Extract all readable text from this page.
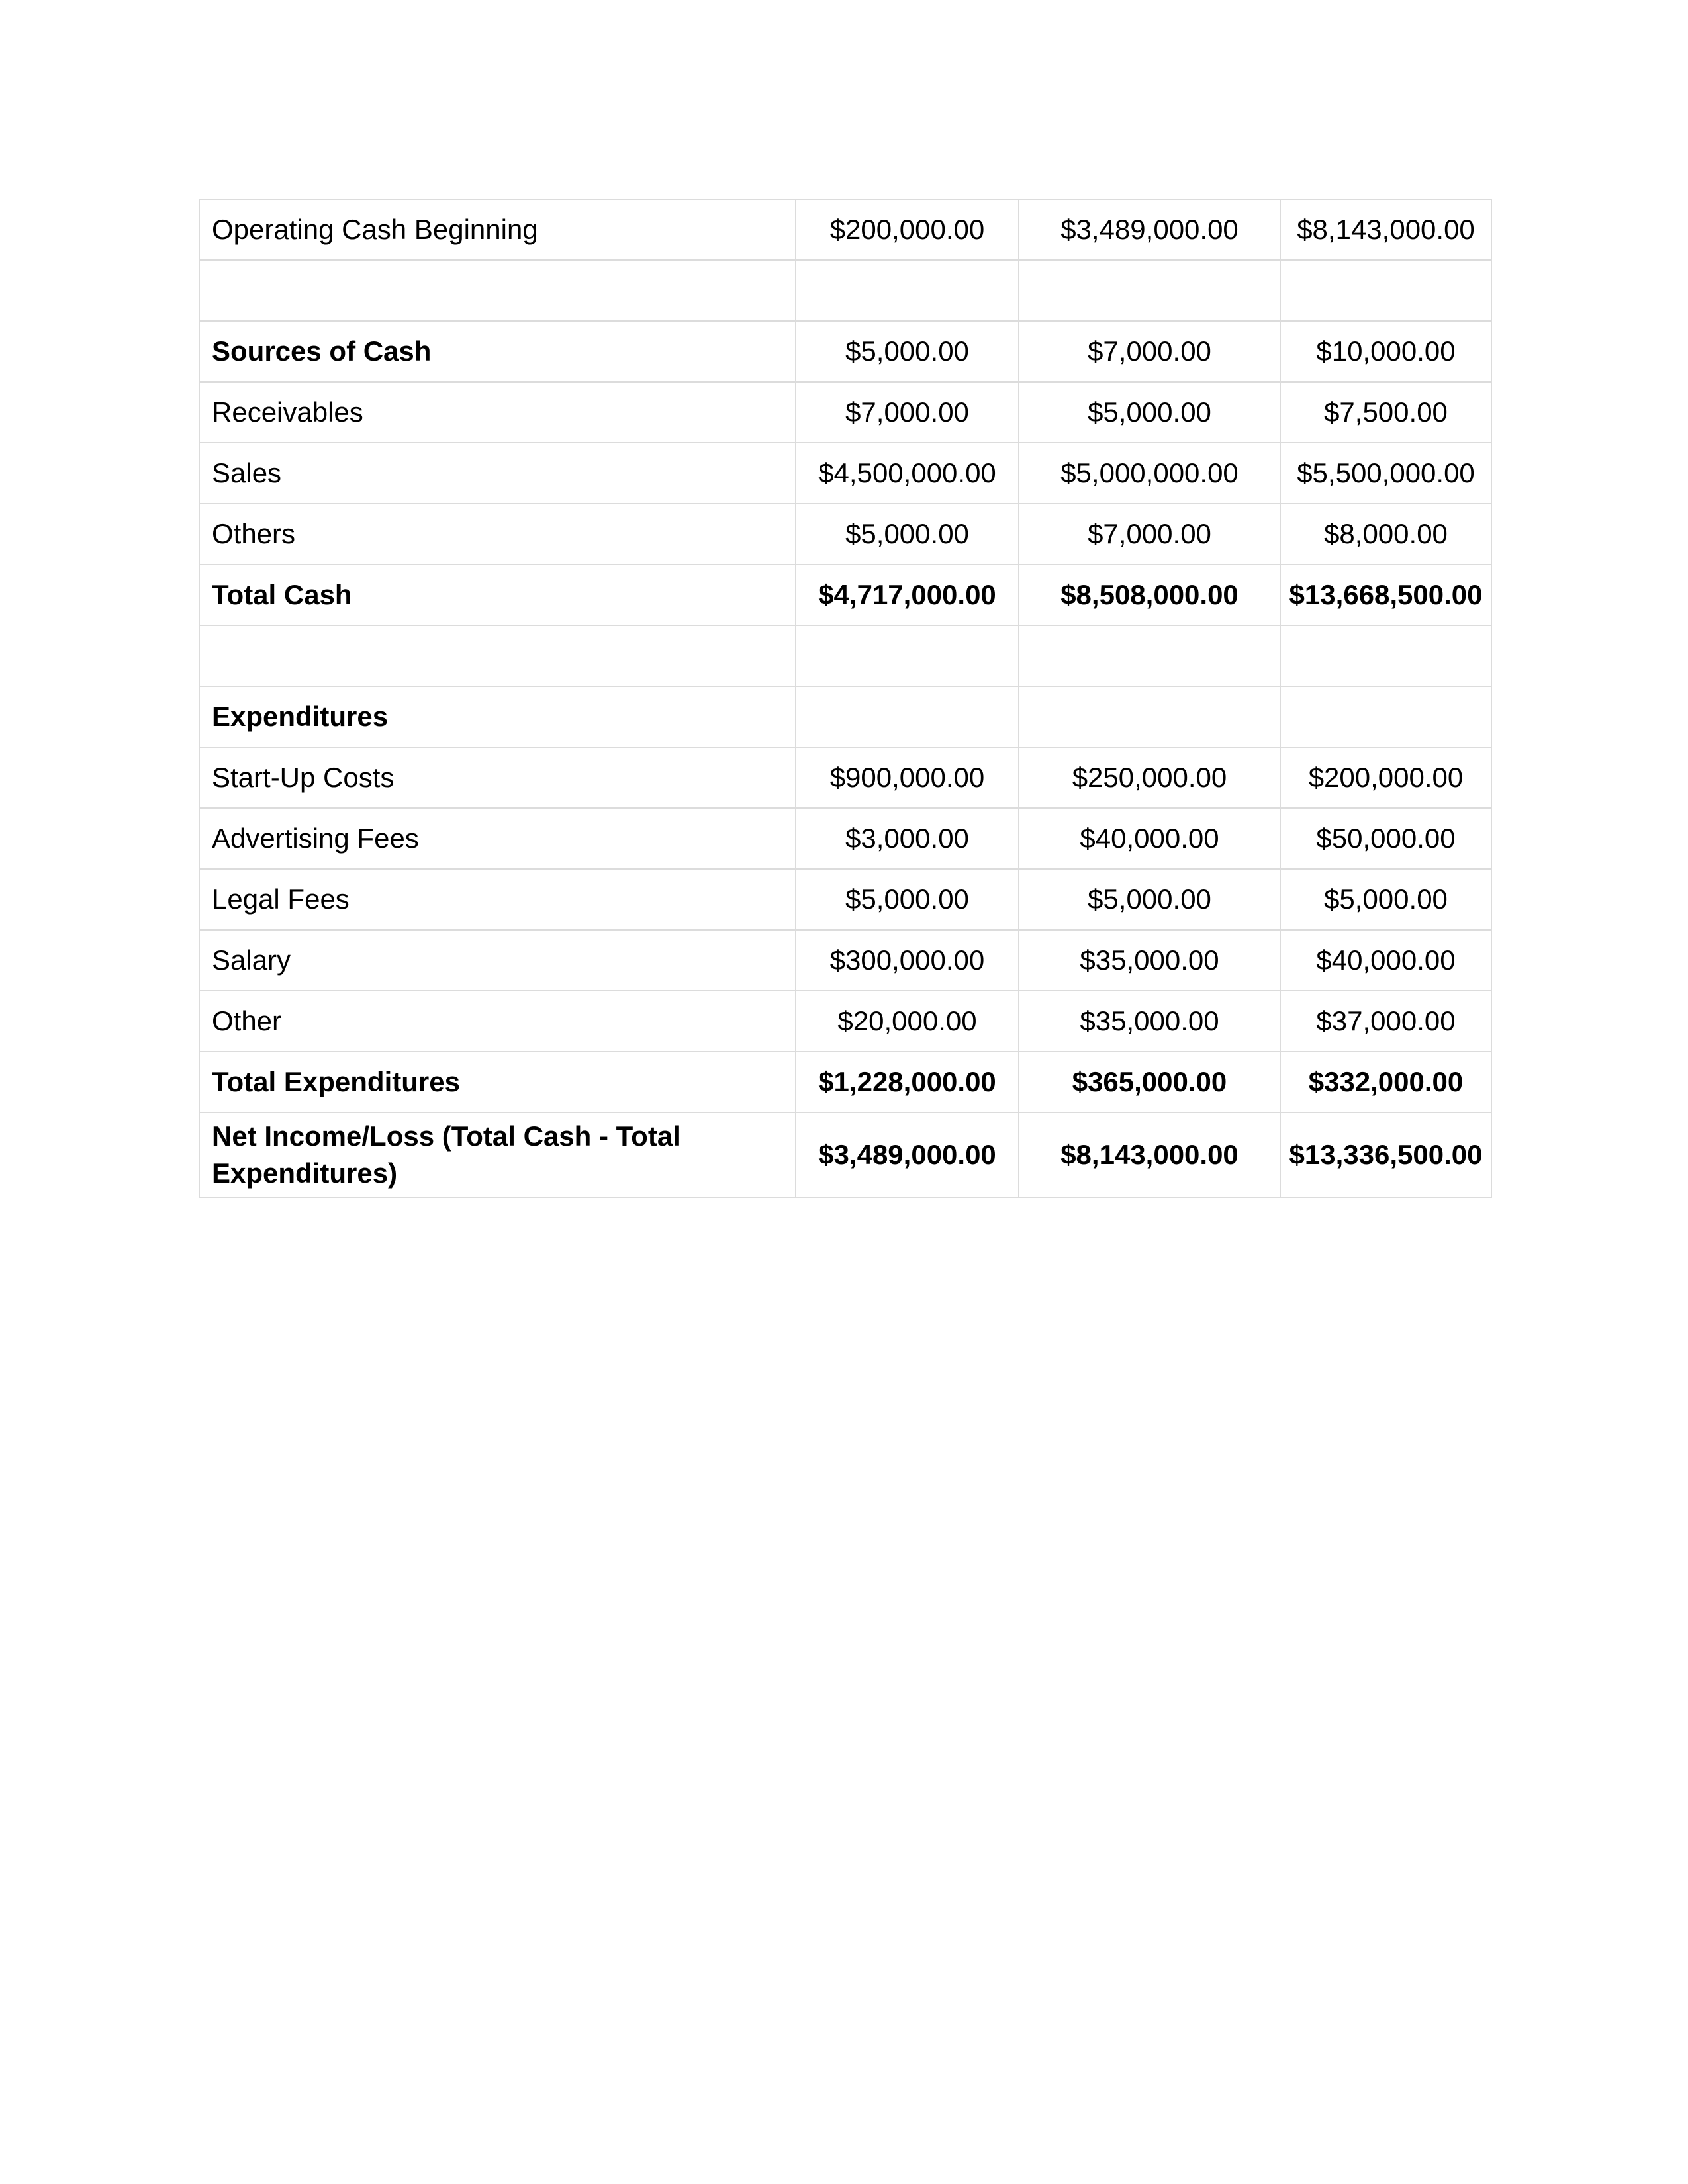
Operating Cash Beginning	$200,000.00	$3,489,000.00	$8,143,000.00

Sources of Cash	$5,000.00	$7,000.00	$10,000.00
Receivables	$7,000.00	$5,000.00	$7,500.00
Sales	$4,500,000.00	$5,000,000.00	$5,500,000.00
Others	$5,000.00	$7,000.00	$8,000.00
Total Cash	$4,717,000.00	$8,508,000.00	$13,668,500.00

Expenditures			
Start-Up Costs	$900,000.00	$250,000.00	$200,000.00
Advertising Fees	$3,000.00	$40,000.00	$50,000.00
Legal Fees	$5,000.00	$5,000.00	$5,000.00
Salary	$300,000.00	$35,000.00	$40,000.00
Other	$20,000.00	$35,000.00	$37,000.00
Total Expenditures	$1,228,000.00	$365,000.00	$332,000.00
Net Income/Loss (Total Cash - Total Expenditures)	$3,489,000.00	$8,143,000.00	$13,336,500.00
